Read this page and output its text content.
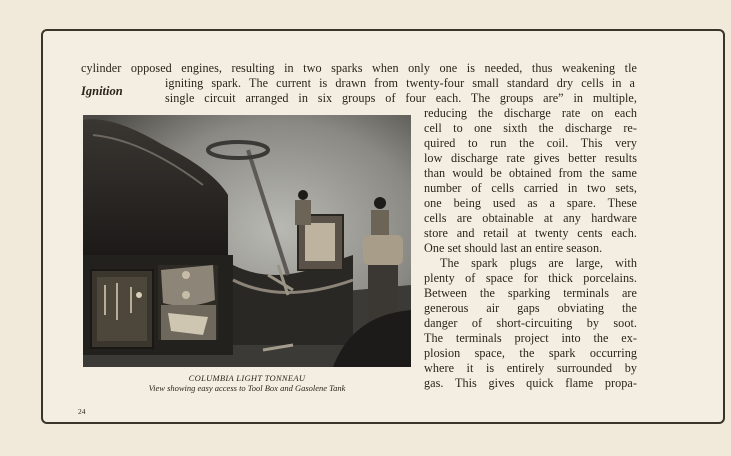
Ignition
cylinder opposed engines, resulting in two sparks when only one is needed, thus weakening tle
igniting spark. The current is drawn from twenty-four small standard dry cells in a
single circuit arranged in six groups of four each. The groups areˮ in multiple,
reducing the discharge rate on each
cell to one sixth the discharge re-
quired to run the coil. This very
low discharge rate gives better results
than would be obtained from the same
number of cells carried in two sets,
one being used as a spare. These
cells are obtainable at any hardware
store and retail at twenty cents each.
One set should last an entire season.
The spark plugs are large, with
plenty of space for thick porcelains.
Between the sparking terminals are
generous air gaps obviating the
danger of short-circuiting by soot.
The terminals project into the ex-
plosion space, the spark occurring
where it is entirely surrounded by
gas. This gives quick flame propa-
COLUMBIA LIGHT TONNEAU
View showing easy access to Tool Box and Gasolene Tank
24
